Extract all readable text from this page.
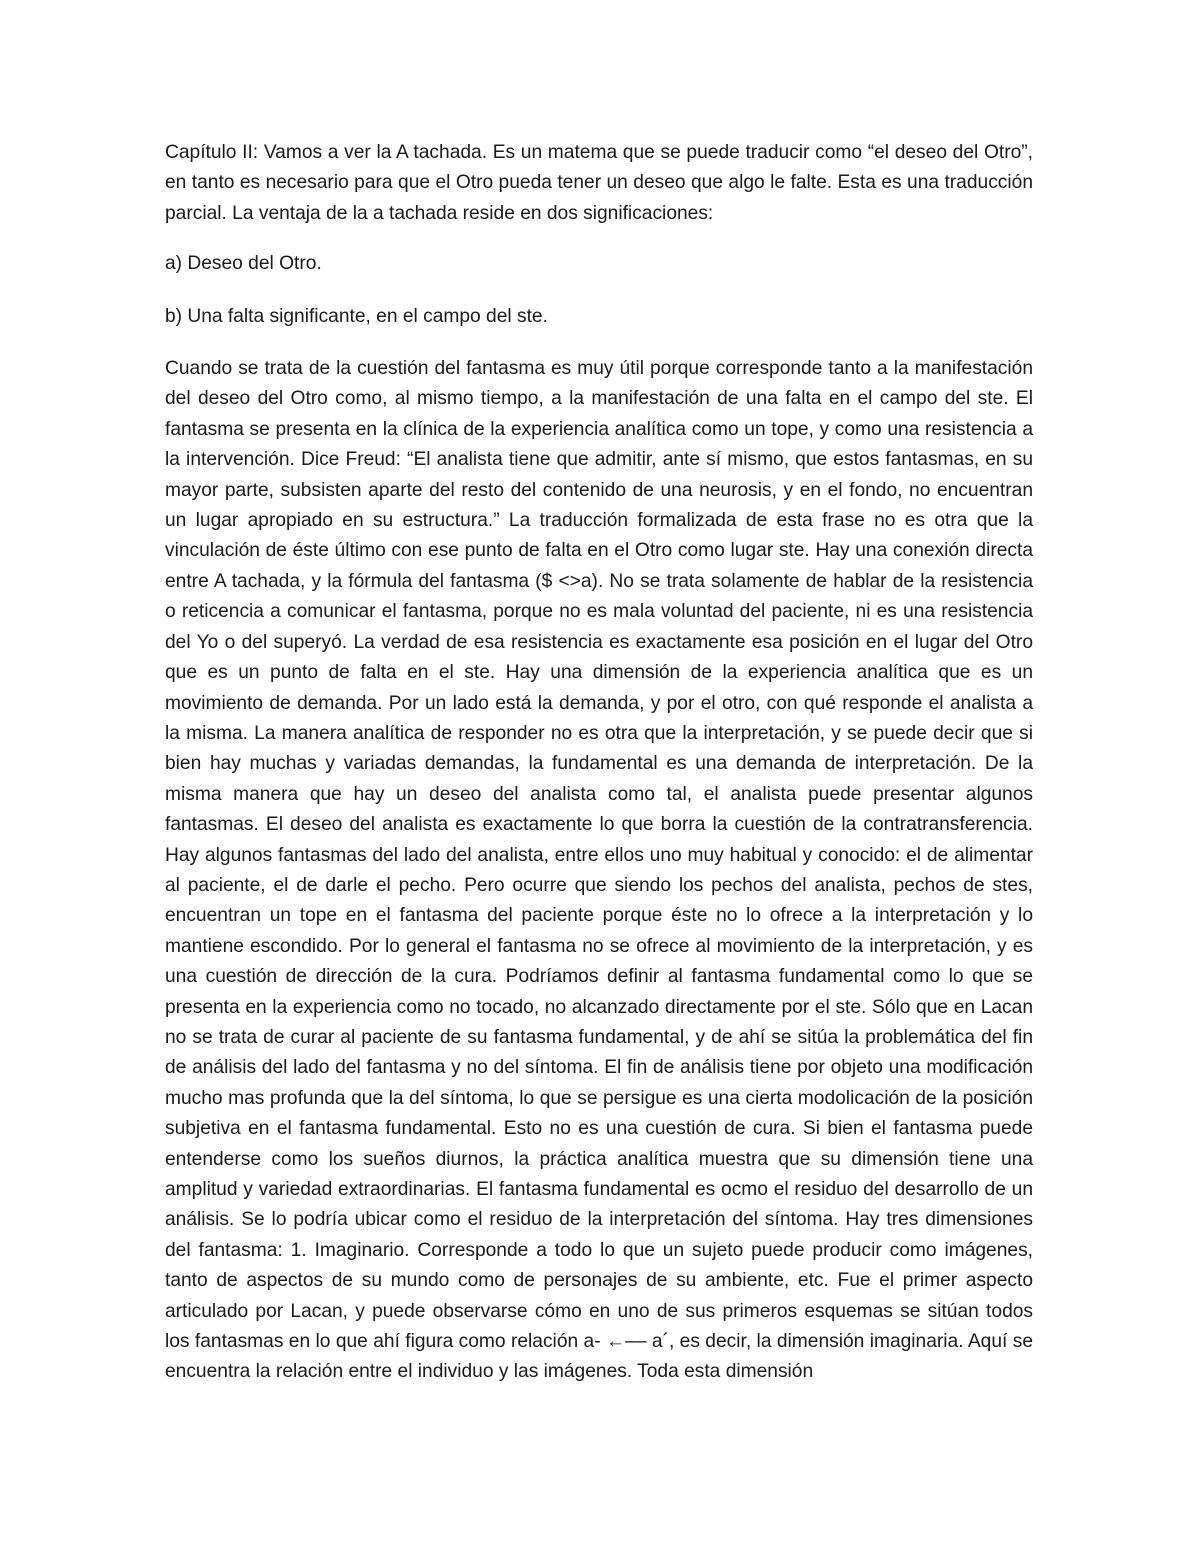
Capítulo II: Vamos a ver la A tachada. Es un matema que se puede traducir como “el deseo del Otro”, en tanto es necesario para que el Otro pueda tener un deseo que algo le falte. Esta es una traducción parcial. La ventaja de la a tachada reside en dos significaciones:

a) Deseo del Otro.

b) Una falta significante, en el campo del ste.

Cuando se trata de la cuestión del fantasma es muy útil porque corresponde tanto a la manifestación del deseo del Otro como, al mismo tiempo, a la manifestación de una falta en el campo del ste. El fantasma se presenta en la clínica de la experiencia analítica como un tope, y como una resistencia a la intervención. Dice Freud: “El analista tiene que admitir, ante sí mismo, que estos fantasmas, en su mayor parte, subsisten aparte del resto del contenido de una neurosis, y en el fondo, no encuentran un lugar apropiado en su estructura.” La traducción formalizada de esta frase no es otra que la vinculación de éste último con ese punto de falta en el Otro como lugar ste. Hay una conexión directa entre A tachada, y la fórmula del fantasma ($ <>a). No se trata solamente de hablar de la resistencia o reticencia a comunicar el fantasma, porque no es mala voluntad del paciente, ni es una resistencia del Yo o del superyó. La verdad de esa resistencia es exactamente esa posición en el lugar del Otro que es un punto de falta en el ste. Hay una dimensión de la experiencia analítica que es un movimiento de demanda. Por un lado está la demanda, y por el otro, con qué responde el analista a la misma. La manera analítica de responder no es otra que la interpretación, y se puede decir que si bien hay muchas y variadas demandas, la fundamental es una demanda de interpretación. De la misma manera que hay un deseo del analista como tal, el analista puede presentar algunos fantasmas. El deseo del analista es exactamente lo que borra la cuestión de la contratransferencia. Hay algunos fantasmas del lado del analista, entre ellos uno muy habitual y conocido: el de alimentar al paciente, el de darle el pecho. Pero ocurre que siendo los pechos del analista, pechos de stes, encuentran un tope en el fantasma del paciente porque éste no lo ofrece a la interpretación y lo mantiene escondido. Por lo general el fantasma no se ofrece al movimiento de la interpretación, y es una cuestión de dirección de la cura. Podríamos definir al fantasma fundamental como lo que se presenta en la experiencia como no tocado, no alcanzado directamente por el ste. Sólo que en Lacan no se trata de curar al paciente de su fantasma fundamental, y de ahí se sitúa la problemática del fin de análisis del lado del fantasma y no del síntoma. El fin de análisis tiene por objeto una modificación mucho mas profunda que la del síntoma, lo que se persigue es una cierta modolicación de la posición subjetiva en el fantasma fundamental. Esto no es una cuestión de cura. Si bien el fantasma puede entenderse como los sueños diurnos, la práctica analítica muestra que su dimensión tiene una amplitud y variedad extraordinarias. El fantasma fundamental es ocmo el residuo del desarrollo de un análisis. Se lo podría ubicar como el residuo de la interpretación del síntoma. Hay tres dimensiones del fantasma: 1. Imaginario. Corresponde a todo lo que un sujeto puede producir como imágenes, tanto de aspectos de su mundo como de personajes de su ambiente, etc. Fue el primer aspecto articulado por Lacan, y puede observarse cómo en uno de sus primeros esquemas se sitúan todos los fantasmas en lo que ahí figura como relación a- ←–– a´, es decir, la dimensión imaginaria. Aquí se encuentra la relación entre el individuo y las imágenes. Toda esta dimensión
